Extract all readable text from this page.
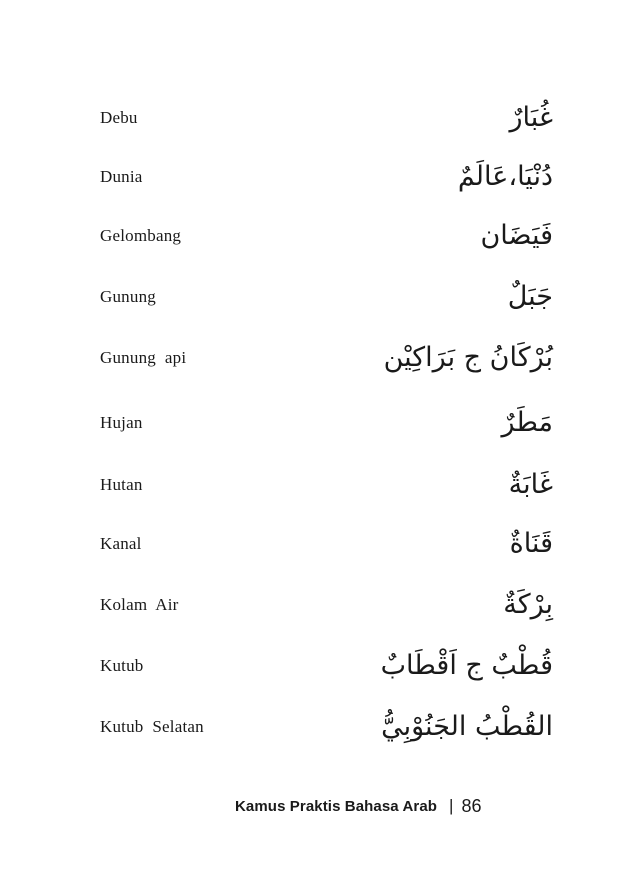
Debu	غُبَارٌ
Dunia	دُنْيَا،عَالَمٌ
Gelombang	فَيَضَان
Gunung	جَبَلٌ
Gunung  api	بُرْكَانُ ج بَرَاكِيْن
Hujan	مَطَرٌ
Hutan	غَابَةٌ
Kanal	قَنَاةٌ
Kolam  Air	بِرْكَةٌ
Kutub	قُطْبٌ ج اَقْطَابٌ
Kutub  Selatan	القُطْبُ الجَنُوْبِيُّ
Kamus Praktis Bahasa Arab | 86
